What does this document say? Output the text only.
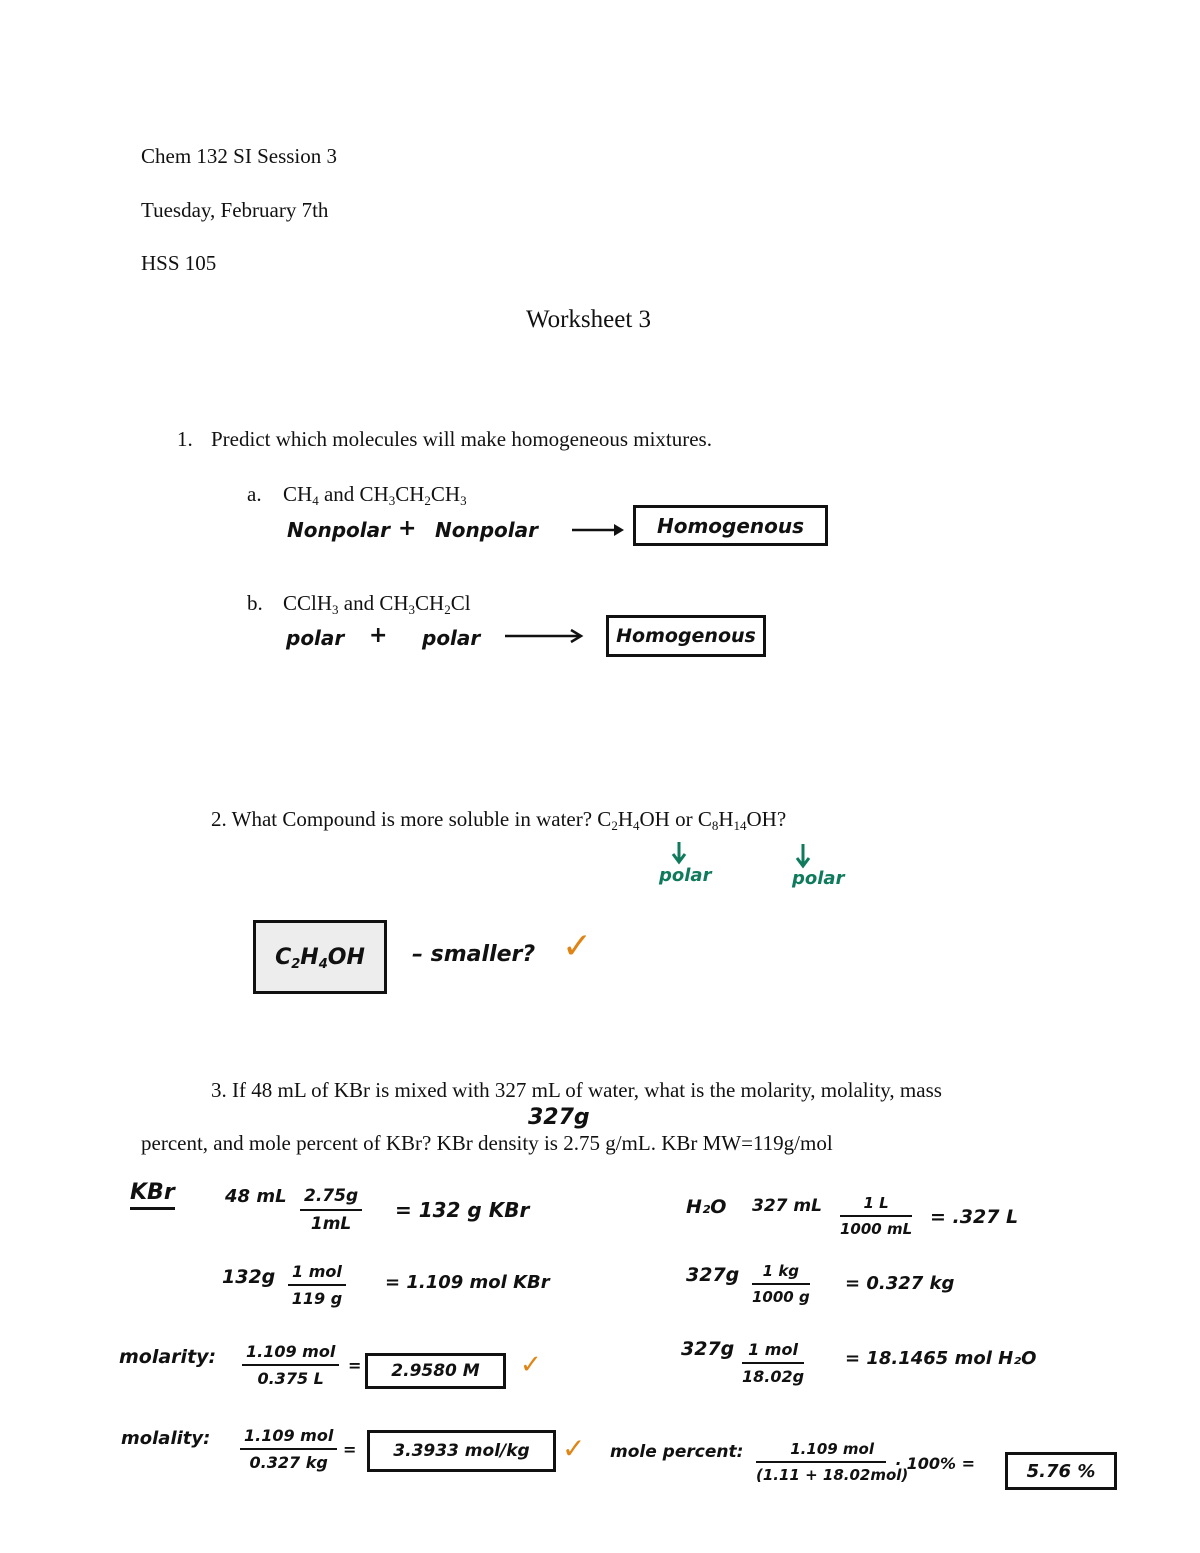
Chem 132 SI Session 3
Tuesday, February 7th
HSS 105
Worksheet 3
1. Predict which molecules will make homogeneous mixtures.
a. $CH_4$ and $CH_3CH_2CH_3$
Nonpolar + Nonpolar	Homogenous
b. CClH$_3$ and $CH_3CH_2Cl$
polar + polar	Homogenous
2. What Compound is more soluble in water? $C_2H_4OH$ or $C_8H_{14}OH$?
polar	polar
$C_2H_4OH$ – smaller? ✓
3. If 48 mL of KBr is mixed with 327 mL of water, what is the molarity, molality, mass
327g
percent, and mole percent of KBr? KBr density is 2.75 g/mL. KBr MW=119g/mol
KBr	48 mL 2.75g
1mL
= 132 g KBr	H₂O 327 mL	1 L
1000 mL
= .327 L
132g 1 mol
119 g
= 1.109 mol KBr	327g 1 kg
1000 g
= 0.327 kg
molarity: 1.109 mol
0.375 L
= 2.9580 M ✓
327g 1 mol
18.02g
= 18.1465 mol H₂O
molality: 1.109 mol
0.327 kg
= 3.3933 mol/kg ✓ mole percent:	1.109 mol
(1.11 + 18.02mol)
· 100% =	5.76 %
